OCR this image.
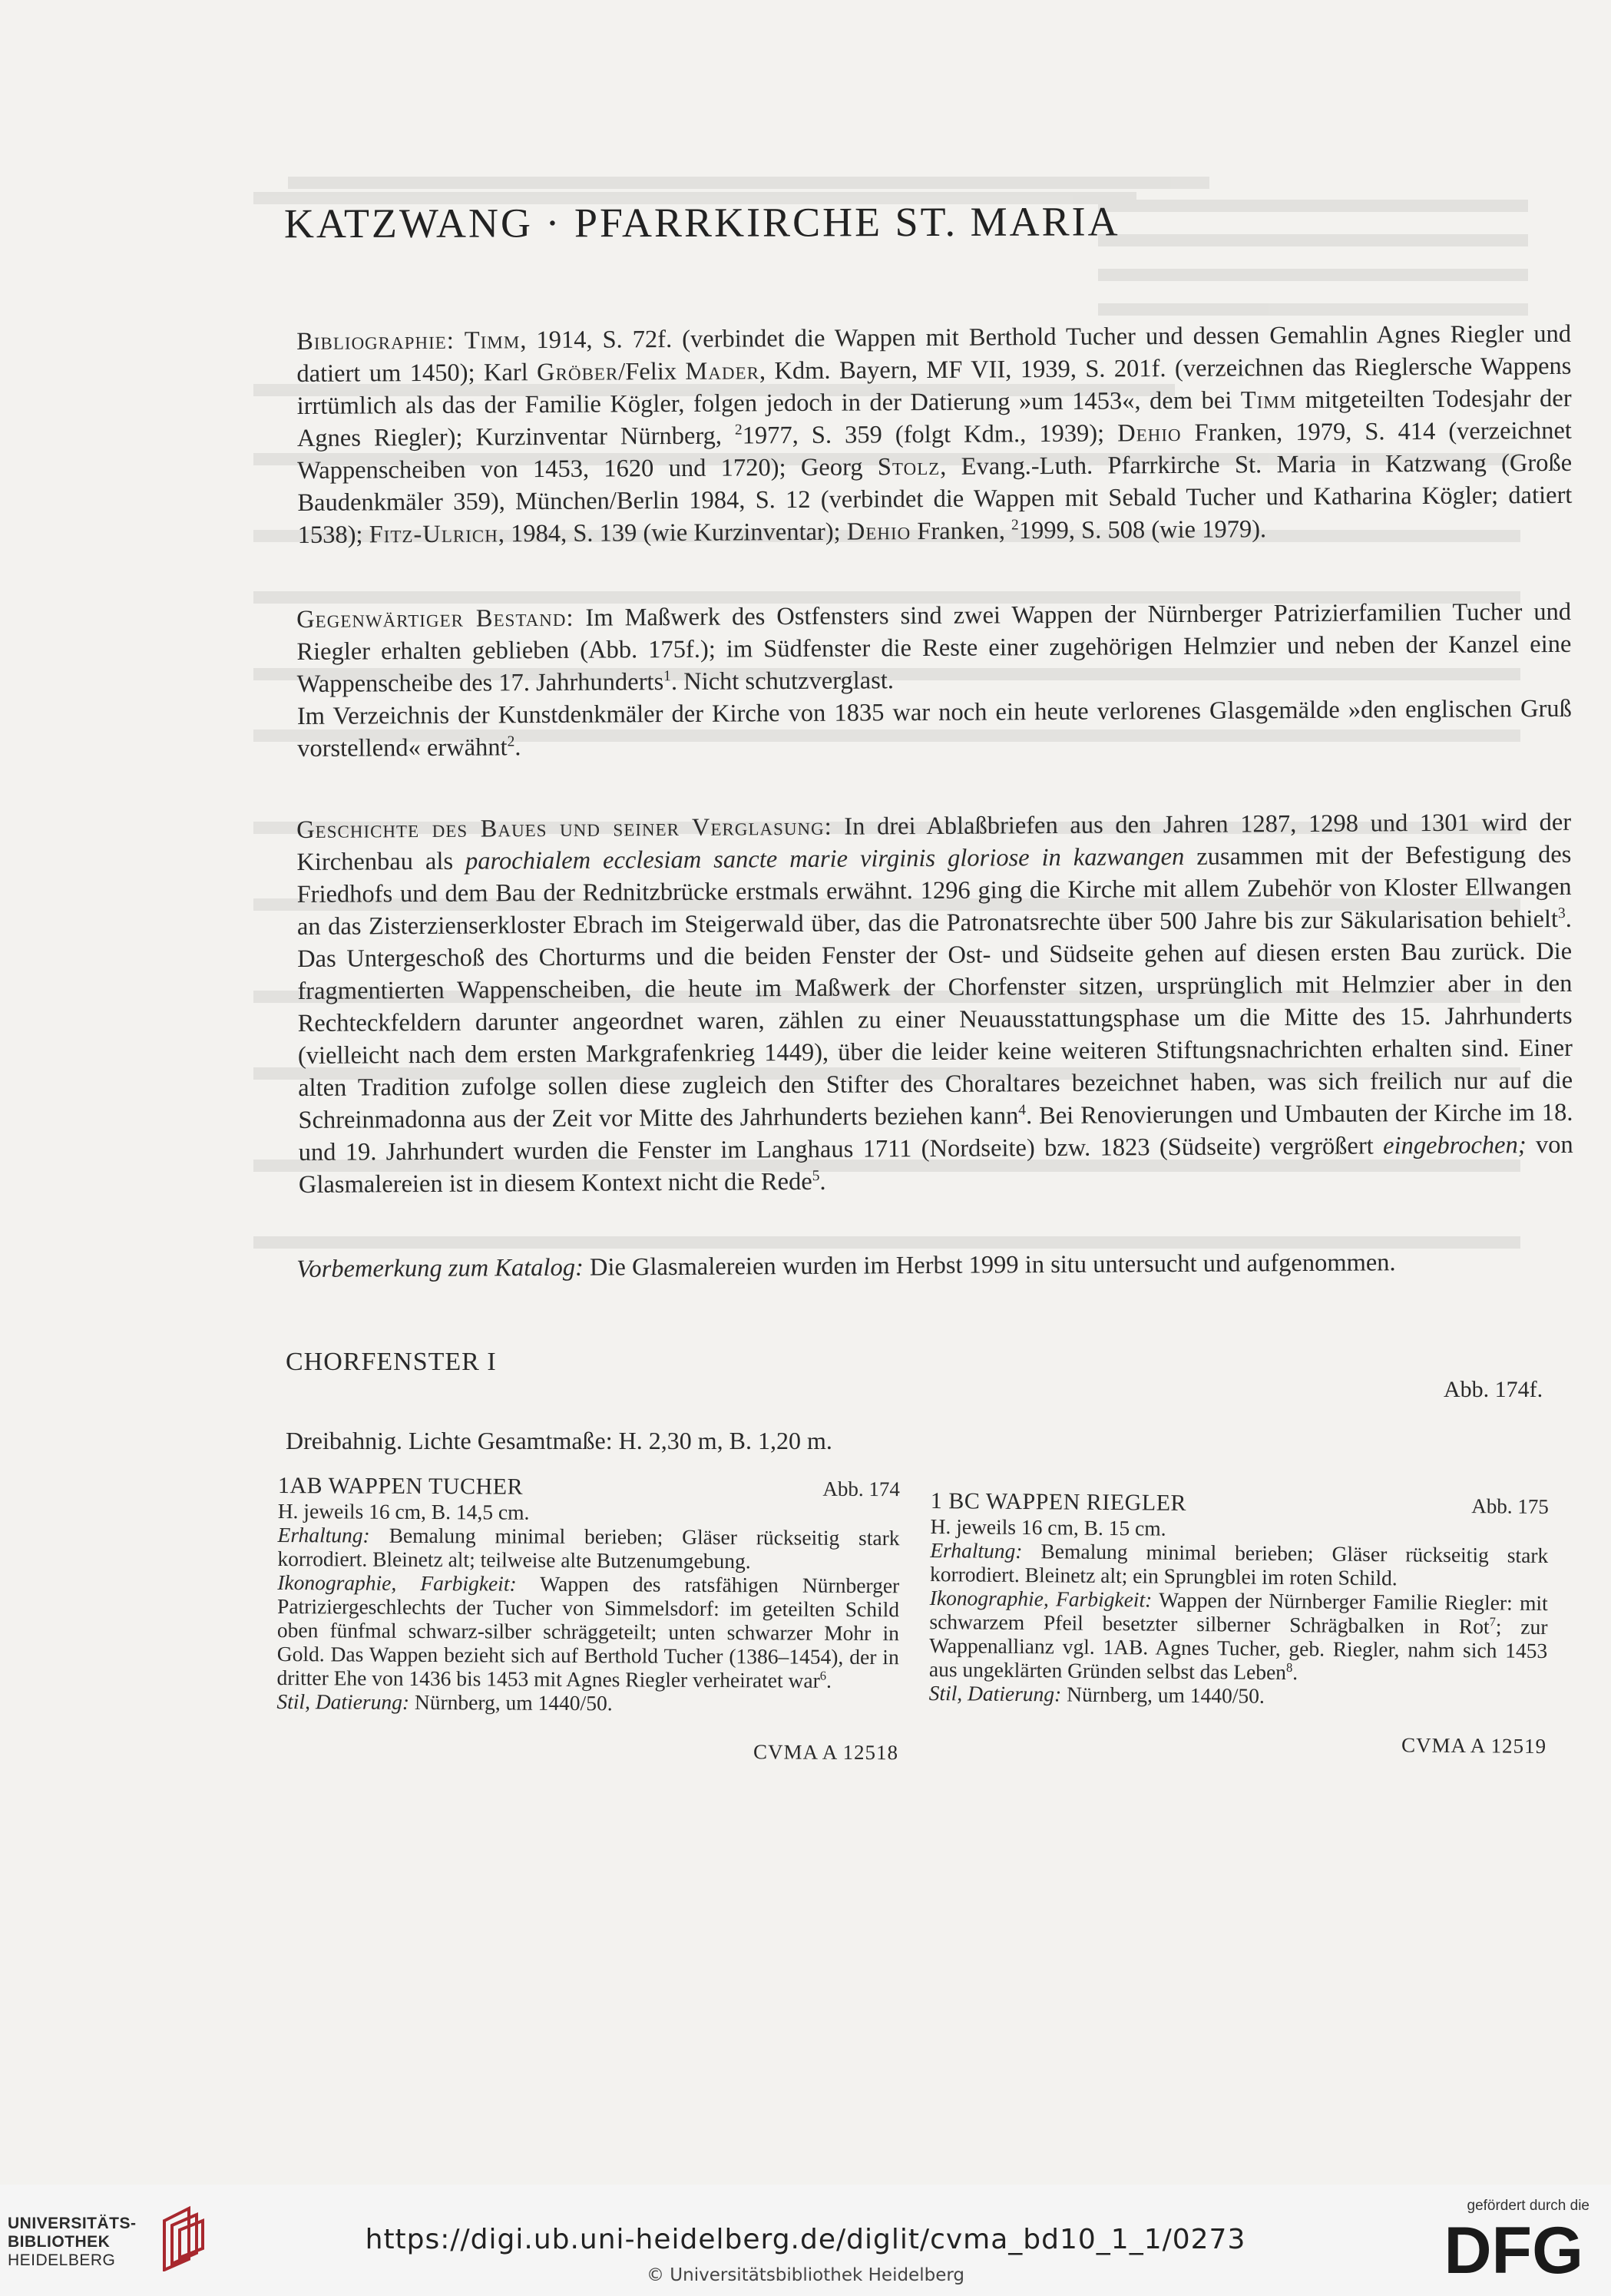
KATZWANG · PFARRKIRCHE ST. MARIA
Bibliographie: Timm, 1914, S. 72f. (verbindet die Wappen mit Berthold Tucher und dessen Gemahlin Agnes Riegler und datiert um 1450); Karl Gröber/Felix Mader, Kdm. Bayern, MF VII, 1939, S. 201f. (verzeichnen das Rieglersche Wappens irrtümlich als das der Familie Kögler, folgen jedoch in der Datierung »um 1453«, dem bei Timm mitgeteilten Todesjahr der Agnes Riegler); Kurzinventar Nürnberg, $^2$1977, S. 359 (folgt Kdm., 1939); Dehio Franken, 1979, S. 414 (verzeichnet Wappenscheiben von 1453, 1620 und 1720); Georg Stolz, Evang.-Luth. Pfarrkirche St. Maria in Katzwang (Große Baudenkmäler 359), München/Berlin 1984, S. 12 (verbindet die Wappen mit Sebald Tucher und Katharina Kögler; datiert 1538); Fitz-Ulrich, 1984, S. 139 (wie Kurzinventar); Dehio Franken, $^2$1999, S. 508 (wie 1979).
Gegenwärtiger Bestand: Im Maßwerk des Ostfensters sind zwei Wappen der Nürnberger Patrizierfamilien Tucher und Riegler erhalten geblieben (Abb. 175f.); im Südfenster die Reste einer zugehörigen Helmzier und neben der Kanzel eine Wappenscheibe des 17. Jahrhunderts$^1$. Nicht schutzverglast.
Im Verzeichnis der Kunstdenkmäler der Kirche von 1835 war noch ein heute verlorenes Glasgemälde »den englischen Gruß vorstellend« erwähnt$^2$.
Geschichte des Baues und seiner Verglasung: In drei Ablaßbriefen aus den Jahren 1287, 1298 und 1301 wird der Kirchenbau als parochialem ecclesiam sancte marie virginis gloriose in kazwangen zusammen mit der Befestigung des Friedhofs und dem Bau der Rednitzbrücke erstmals erwähnt. 1296 ging die Kirche mit allem Zubehör von Kloster Ellwangen an das Zisterzienserkloster Ebrach im Steigerwald über, das die Patronatsrechte über 500 Jahre bis zur Säkularisation behielt$^3$. Das Untergeschoß des Chorturms und die beiden Fenster der Ost- und Südseite gehen auf diesen ersten Bau zurück. Die fragmentierten Wappenscheiben, die heute im Maßwerk der Chorfenster sitzen, ursprünglich mit Helmzier aber in den Rechteckfeldern darunter angeordnet waren, zählen zu einer Neuausstattungsphase um die Mitte des 15. Jahrhunderts (vielleicht nach dem ersten Markgrafenkrieg 1449), über die leider keine weiteren Stiftungsnachrichten erhalten sind. Einer alten Tradition zufolge sollen diese zugleich den Stifter des Choraltares bezeichnet haben, was sich freilich nur auf die Schreinmadonna aus der Zeit vor Mitte des Jahrhunderts beziehen kann$^4$. Bei Renovierungen und Umbauten der Kirche im 18. und 19. Jahrhundert wurden die Fenster im Langhaus 1711 (Nordseite) bzw. 1823 (Südseite) vergrößert eingebrochen; von Glasmalereien ist in diesem Kontext nicht die Rede$^5$.
Vorbemerkung zum Katalog: Die Glasmalereien wurden im Herbst 1999 in situ untersucht und aufgenommen.
CHORFENSTER I
Abb. 174f.
Dreibahnig. Lichte Gesamtmaße: H. 2,30 m, B. 1,20 m.
1AB WAPPEN TUCHER	Abb. 174
H. jeweils 16 cm, B. 14,5 cm.
Erhaltung: Bemalung minimal berieben; Gläser rückseitig stark korrodiert. Bleinetz alt; teilweise alte Butzenumgebung.
Ikonographie, Farbigkeit: Wappen des ratsfähigen Nürnberger Patriziergeschlechts der Tucher von Simmelsdorf: im geteilten Schild oben fünfmal schwarz-silber schräggeteilt; unten schwarzer Mohr in Gold. Das Wappen bezieht sich auf Berthold Tucher (1386–1454), der in dritter Ehe von 1436 bis 1453 mit Agnes Riegler verheiratet war$^6$.
Stil, Datierung: Nürnberg, um 1440/50.
CVMA A 12518
1 BC WAPPEN RIEGLER	Abb. 175
H. jeweils 16 cm, B. 15 cm.
Erhaltung: Bemalung minimal berieben; Gläser rückseitig stark korrodiert. Bleinetz alt; ein Sprungblei im roten Schild.
Ikonographie, Farbigkeit: Wappen der Nürnberger Familie Riegler: mit schwarzem Pfeil besetzter silberner Schrägbalken in Rot$^7$; zur Wappenallianz vgl. 1AB. Agnes Tucher, geb. Riegler, nahm sich 1453 aus ungeklärten Gründen selbst das Leben$^8$.
Stil, Datierung: Nürnberg, um 1440/50.
CVMA A 12519
UNIVERSITÄTS-
BIBLIOTHEK
HEIDELBERG
https://digi.ub.uni-heidelberg.de/diglit/cvma_bd10_1_1/0273
© Universitätsbibliothek Heidelberg
gefördert durch die
DFG
